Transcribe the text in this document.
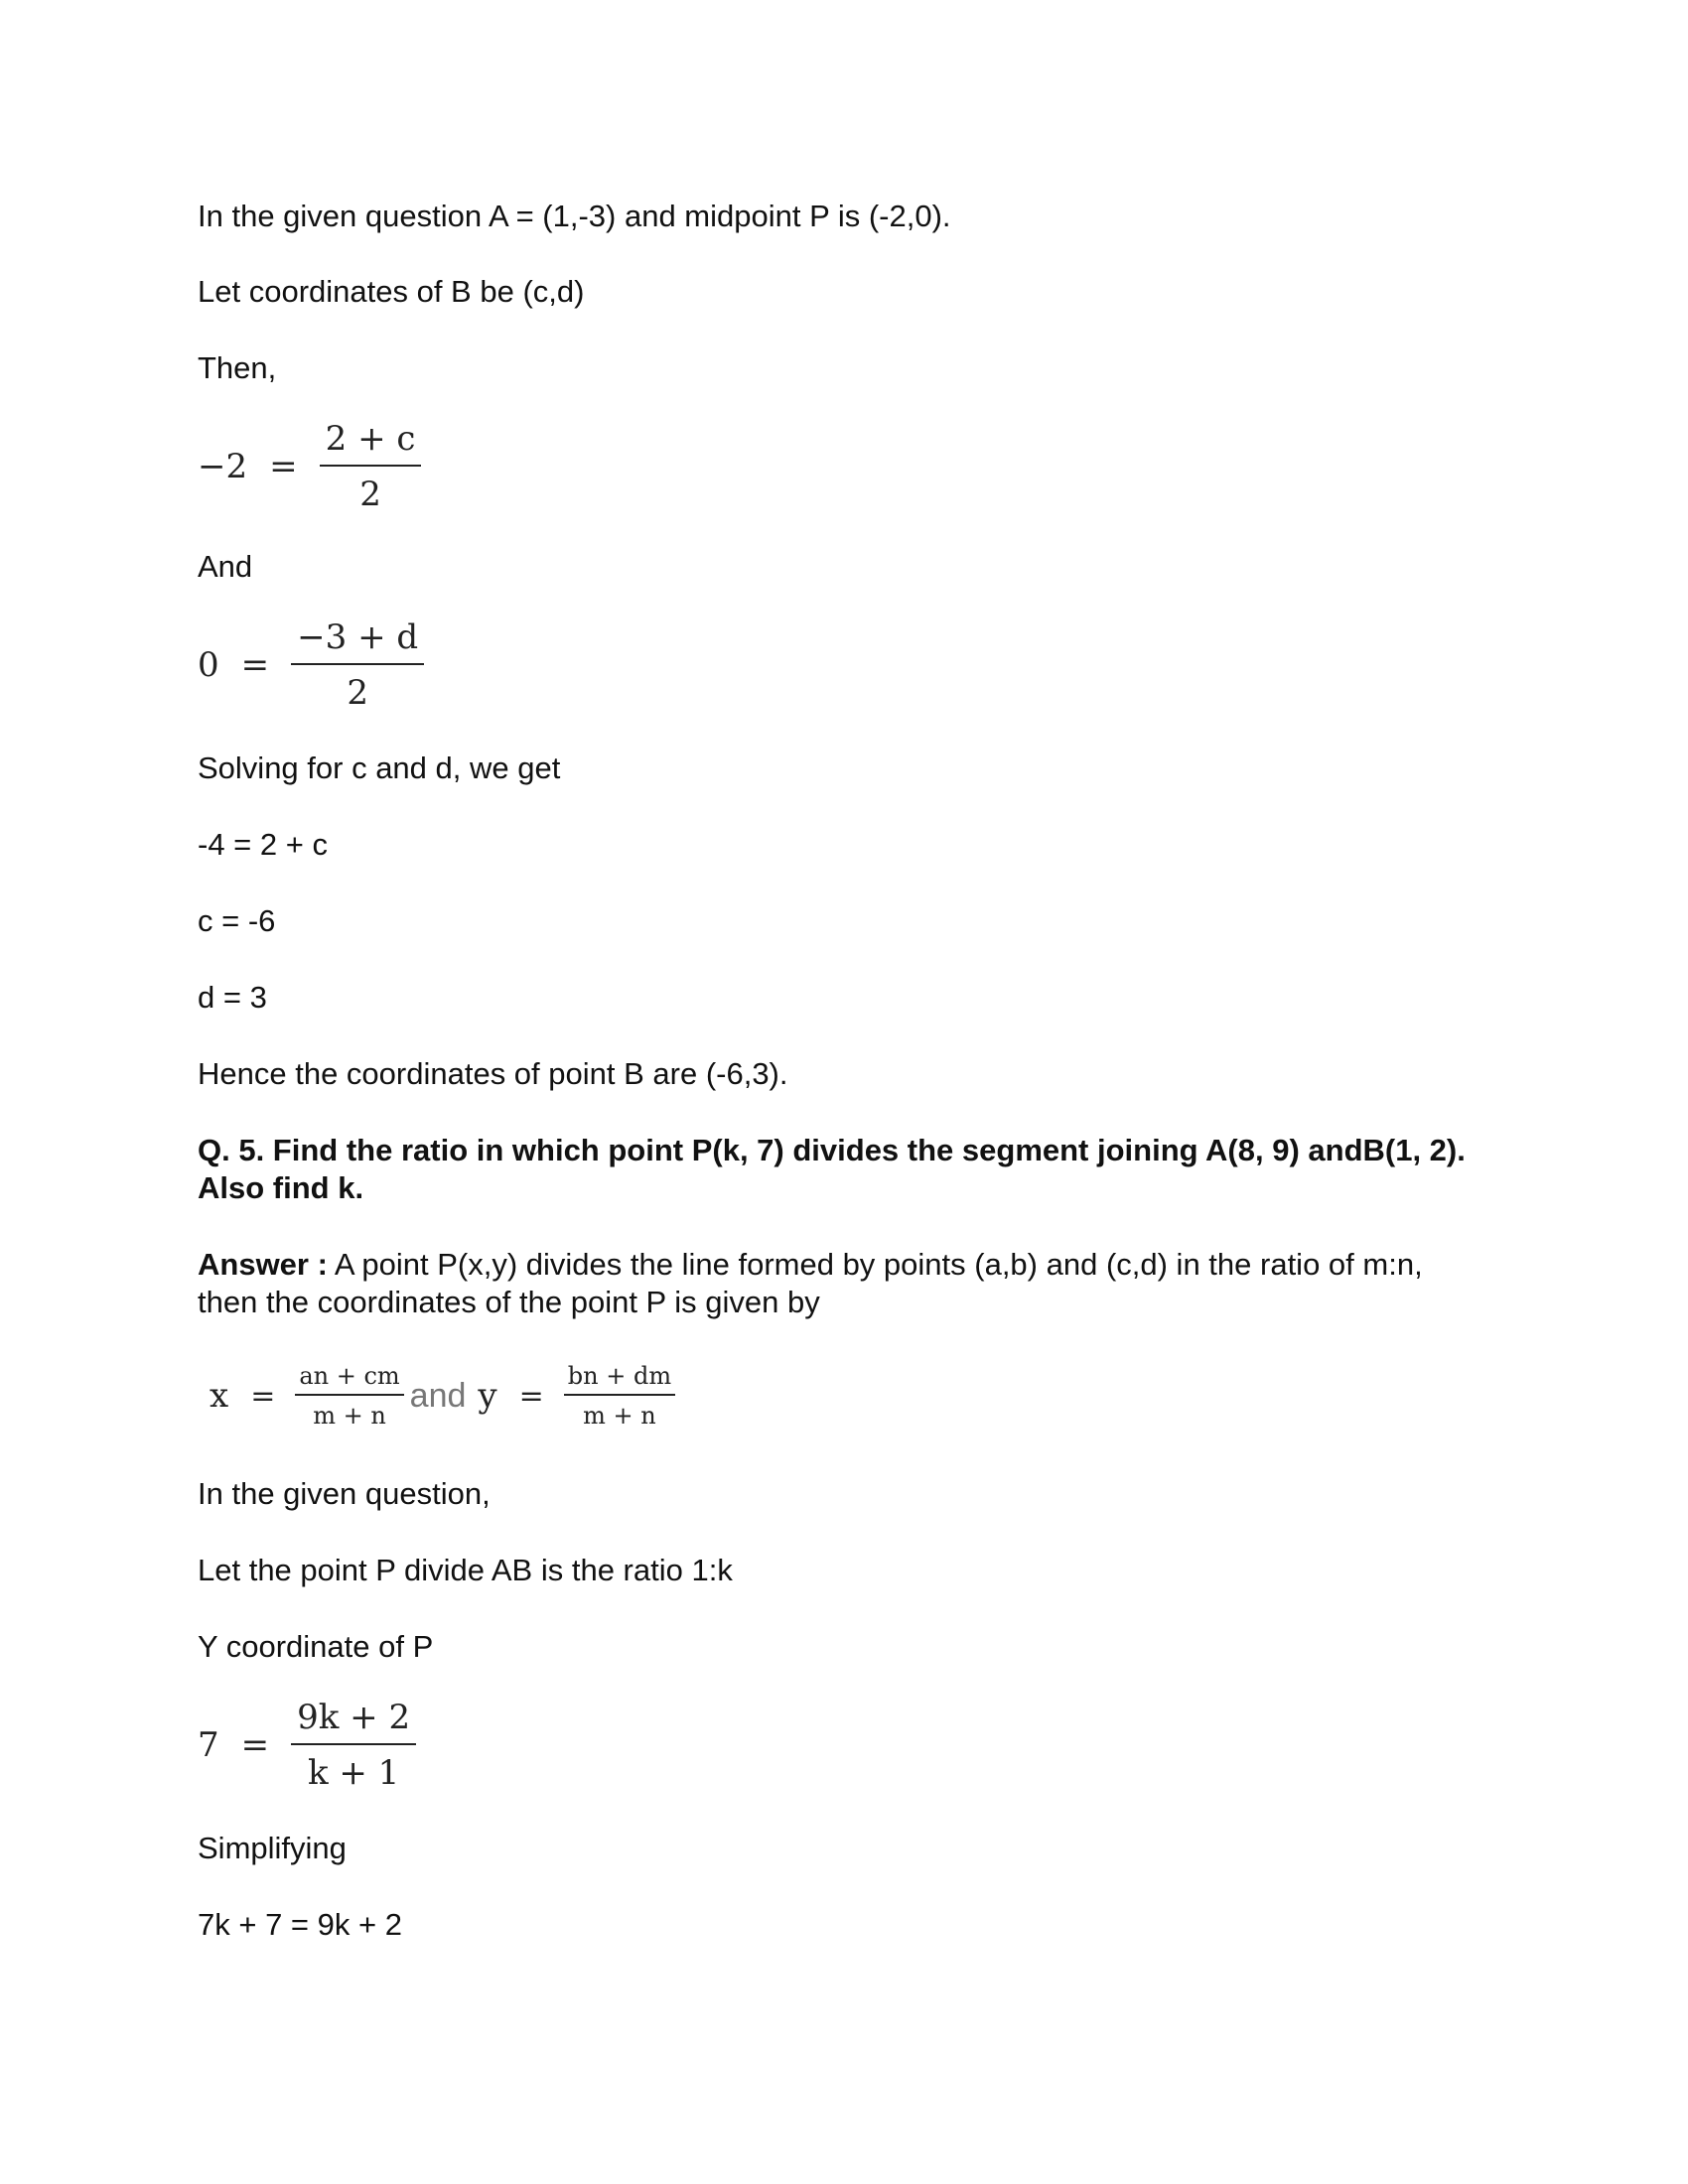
In the given question A = (1,-3) and midpoint P is (-2,0).
Let coordinates of B be (c,d)
Then,
$-2 = \frac{2 + c}{2}$
And
$0 = \frac{-3 + d}{2}$
Solving for c and d, we get
-4 = 2 + c
c = -6
d = 3
Hence the coordinates of point B are (-6,3).
Q. 5. Find the ratio in which point P(k, 7) divides the segment joining A(8, 9) andB(1, 2). Also find k.
Answer : A point P(x,y) divides the line formed by points (a,b) and (c,d) in the ratio of m:n, then the coordinates of the point P is given by
$x = \frac{an + cm}{m + n}$ and $y = \frac{bn + dm}{m + n}$
In the given question,
Let the point P divide AB is the ratio 1:k
Y coordinate of P
$7 = \frac{9k + 2}{k + 1}$
Simplifying
7k + 7 = 9k + 2
